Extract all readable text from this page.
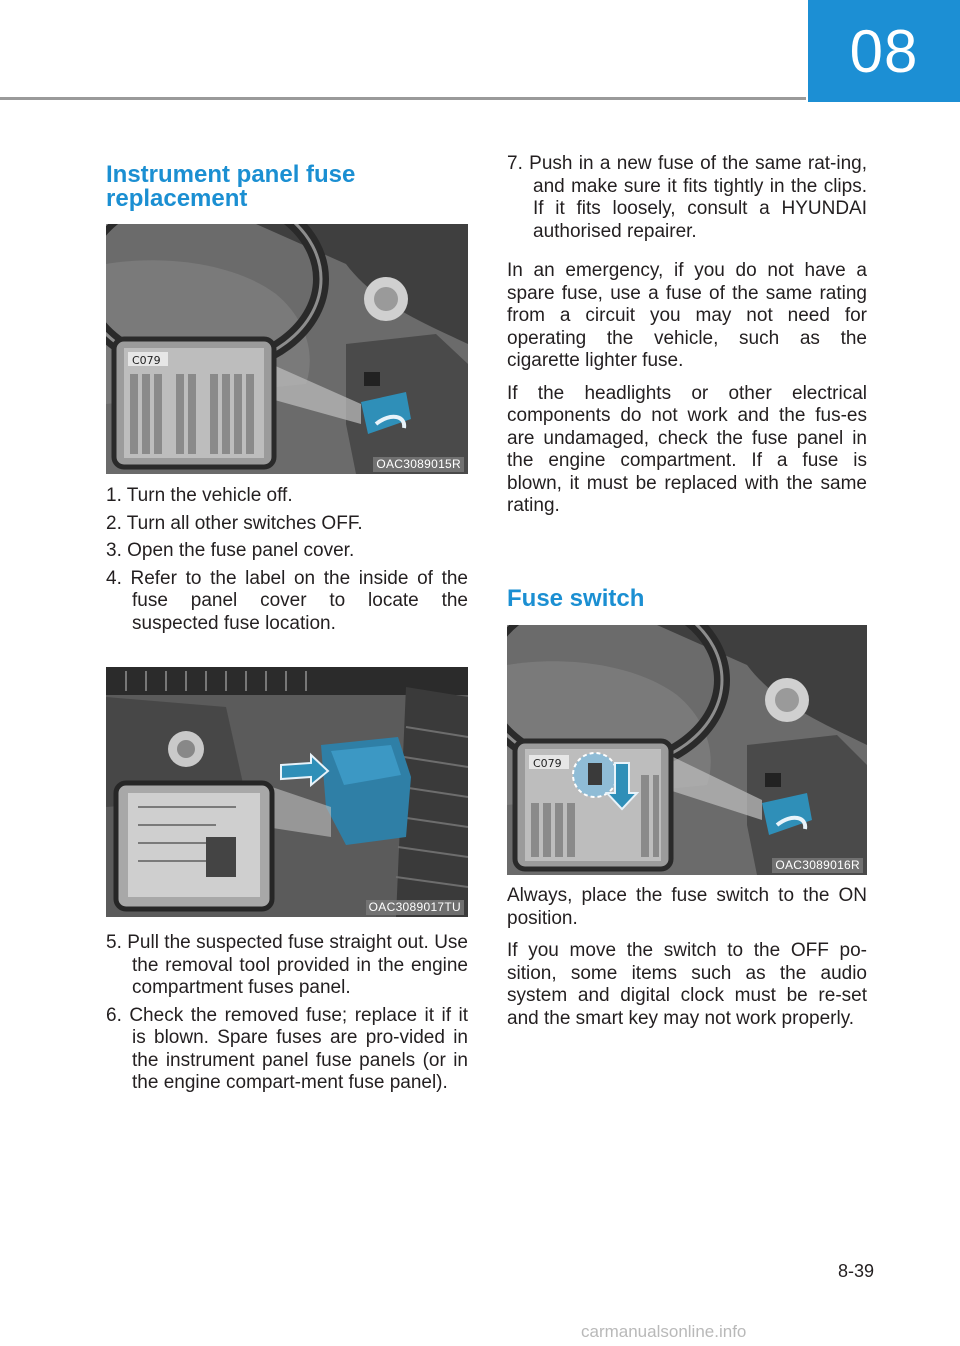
08
Instrument panel fuse
replacement
C079
OAC3089015R

1. Turn the vehicle off.

2. Turn all other switches OFF.

3. Open the fuse panel cover.

4. Refer to the label on the inside of the fuse panel cover to locate the suspected fuse location.

OAC3089017TU

5. Pull the suspected fuse straight out. Use the removal tool provided in the engine compartment fuses panel.

6. Check the removed fuse; replace it if it is blown. Spare fuses are pro-vided in the instrument panel fuse panels (or in the engine compart-ment fuse panel).

7. Push in a new fuse of the same rat-ing, and make sure it fits tightly in the clips. If it fits loosely, consult a HYUNDAI authorised repairer.

In an emergency, if you do not have a spare fuse, use a fuse of the same rating from a circuit you may not need for operating the vehicle, such as the cigarette lighter fuse.

If the headlights or other electrical components do not work and the fus-es are undamaged, check the fuse panel in the engine compartment. If a fuse is blown, it must be replaced with the same rating.

Fuse switch
C079
OAC3089016R

Always, place the fuse switch to the ON position.

If you move the switch to the OFF po-sition, some items such as the audio system and digital clock must be re-set and the smart key may not work properly.

8-39
carmanualsonline.info
